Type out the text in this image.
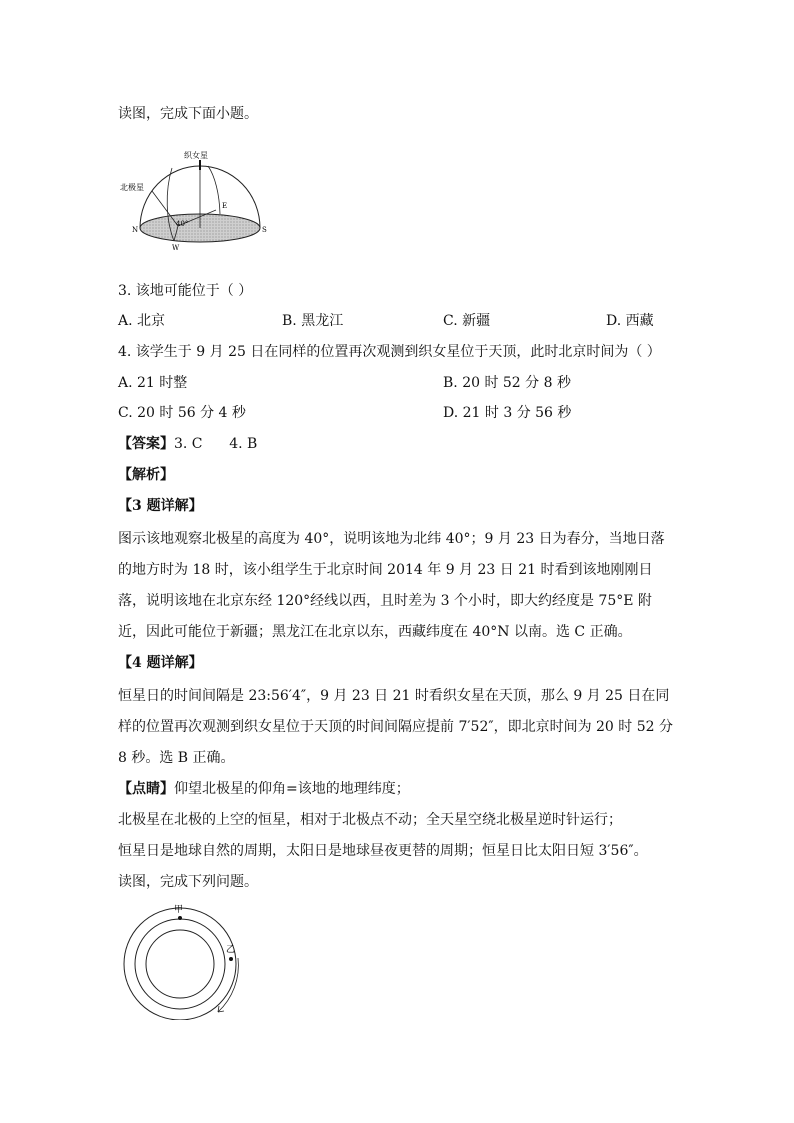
读图，完成下面小题。
织女星
北极星
E
N	S
W
40°
3. 该地可能位于（ ）
A. 北京	B. 黑龙江	C. 新疆	D. 西藏
4. 该学生于 9 月 25 日在同样的位置再次观测到织女星位于天顶，此时北京时间为（ ）
A. 21 时整	B. 20 时 52 分 8 秒
C. 20 时 56 分 4 秒	D. 21 时 3 分 56 秒
【答案】3. C      4. B
【解析】
【3 题详解】
图示该地观察北极星的高度为 40°，说明该地为北纬 40°；9 月 23 日为春分，当地日落的地方时为 18 时，该小组学生于北京时间 2014 年 9 月 23 日 21 时看到该地刚刚日落，说明该地在北京东经 120°经线以西，且时差为 3 个小时，即大约经度是 75°E 附近，因此可能位于新疆；黑龙江在北京以东，西藏纬度在 40°N 以南。选 C 正确。
【4 题详解】
恒星日的时间间隔是 23:56′4″，9 月 23 日 21 时看织女星在天顶，那么 9 月 25 日在同样的位置再次观测到织女星位于天顶的时间间隔应提前 7′52″，即北京时间为 20 时 52 分 8 秒。选 B 正确。
【点睛】仰望北极星的仰角=该地的地理纬度；
北极星在北极的上空的恒星，相对于北极点不动；全天星空绕北极星逆时针运行；
恒星日是地球自然的周期，太阳日是地球昼夜更替的周期；恒星日比太阳日短 3′56″。
读图，完成下列问题。
甲
乙
